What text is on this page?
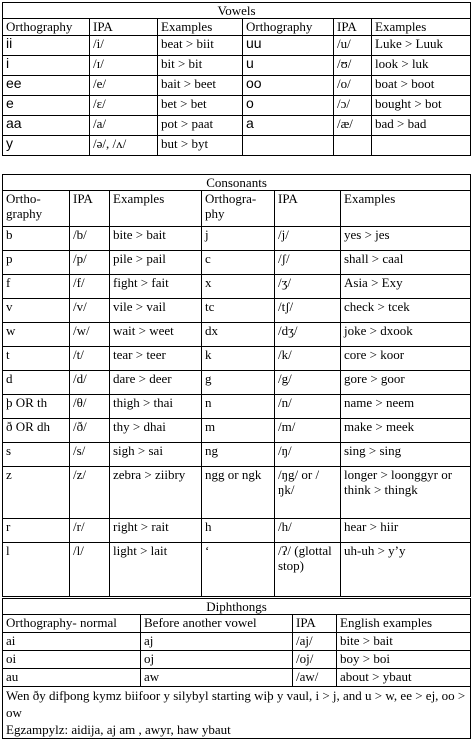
Vowels					
Orthography	IPA	Examples	Orthography	IPA	Examples
ii	/i/	beat > biit	uu	/u/	Luke > Luuk
i	/ɪ/	bit > bit	u	/ʊ/	look > luk
ee	/e/	bait > beet	oo	/o/	boat > boot
e	/ɛ/	bet > bet	o	/ɔ/	bought > bot
aa	/a/	pot > paat	a	/æ/	bad > bad
y	/ə/, /ʌ/	but > byt			
Consonants					
Ortho-graphy	IPA	Examples	Orthogra-phy	IPA	Examples
b	/b/	bite > bait	j	/j/	yes > jes
p	/p/	pile > pail	c	/ʃ/	shall > caal
f	/f/	fight > fait	x	/ʒ/	Asia > Exy
v	/v/	vile > vail	tc	/tʃ/	check > tcek
w	/w/	wait > weet	dx	/dʒ/	joke > dxook
t	/t/	tear > teer	k	/k/	core > koor
d	/d/	dare > deer	g	/g/	gore > goor
þ OR th	/θ/	thigh > thai	n	/n/	name > neem
ð OR dh	/ð/	thy > dhai	m	/m/	make > meek
s	/s/	sigh > sai	ng	/ŋ/	sing > sing
z	/z/	zebra > ziibry	ngg or ngk	/ŋg/ or / ŋk/	longer > loonggyr or think > thingk
r	/r/	right > rait	h	/h/	hear > hiir
l	/l/	light > lait	‘	/ʔ/ (glottal stop)	uh-uh > y’y
Diphthongs			
Orthography- normal	Before another vowel	IPA	English examples
ai	aj	/aj/	bite > bait
oi	oj	/oj/	boy > boi
au	aw	/aw/	about > ybaut

Wen ðy difþong kymz biifoor y silybyl starting wiþ y vaul, i > j, and u > w, ee > ej, oo > ow			

Egzampylz: aidija, aj am , awyr, haw ybaut			
